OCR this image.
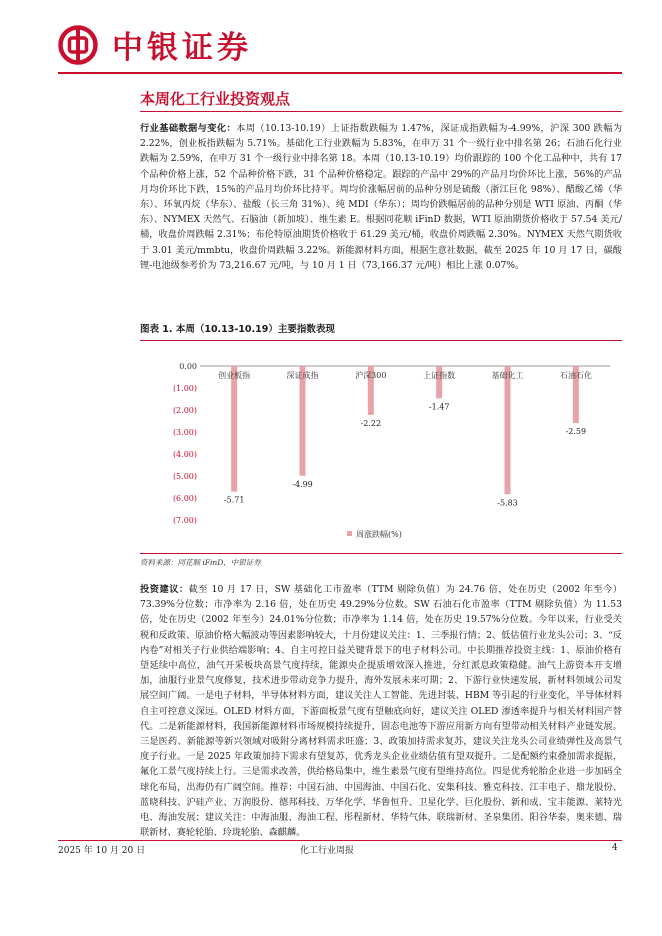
中银证券
本周化工行业投资观点
行业基础数据与变化：本周（10.13-10.19）上证指数跌幅为 1.47%，深证成指跌幅为-4.99%，沪深 300 跌幅为 2.22%，创业板指跌幅为 5.71%。基础化工行业跌幅为 5.83%，在申万 31 个一级行业中排名第 26；石油石化行业跌幅为 2.59%，在申万 31 个一级行业中排名第 18。本周（10.13-10.19）均价跟踪的 100 个化工品种中，共有 17 个品种价格上涨，52 个品种价格下跌，31 个品种价格稳定。跟踪的产品中 29%的产品月均价环比上涨，56%的产品月均价环比下跌，15%的产品月均价环比持平。周均价涨幅居前的品种分别是硫酸（浙江巨化 98%）、醋酸乙烯（华东）、环氧丙烷（华东）、盐酸（长三角 31%）、纯 MDI（华东）；周均价跌幅居前的品种分别是 WTI 原油、丙酮（华东）、NYMEX 天然气、石脑油（新加坡）、维生素 E。根据同花顺 iFinD 数据，WTI 原油期货价格收于 57.54 美元/桶，收盘价周跌幅 2.31%；布伦特原油期货价格收于 61.29 美元/桶，收盘价周跌幅 2.30%。NYMEX 天然气期货收于 3.01 美元/mmbtu，收盘价周跌幅 3.22%。新能源材料方面，根据生意社数据，截至 2025 年 10 月 17 日，碳酸锂-电池级参考价为 73,216.67 元/吨，与 10 月 1 日（73,166.37 元/吨）相比上涨 0.07%。
图表 1. 本周（10.13-10.19）主要指数表现
0.00
(1.00)
(2.00)
(3.00)
(4.00)
(5.00)
(6.00)
(7.00)
-5.71
-4.99
-2.22
-1.47
-5.83
-2.59
创业板指	深证成指	沪深300	上证指数	基础化工	石油石化
周涨跌幅(%)
资料来源：同花顺 iFinD，中银证券
投资建议：截至 10 月 17 日，SW 基础化工市盈率（TTM 剔除负值）为 24.76 倍，处在历史（2002 年至今）73.39%分位数；市净率为 2.16 倍，处在历史 49.29%分位数。SW 石油石化市盈率（TTM 剔除负值）为 11.53 倍，处在历史（2002 年至今）24.01%分位数；市净率为 1.14 倍，处在历史 19.57%分位数。今年以来，行业受关税和反政策、原油价格大幅波动等因素影响较大，十月份建议关注：1、三季报行情；2、低估值行业龙头公司；3、“反内卷”对相关子行业供给端影响；4、自主可控日益关键背景下的电子材料公司。中长期推荐投资主线：1、原油价格有望延续中高位，油气开采板块高景气度持续，能源央企提质增效深入推进，分红派息政策稳健。油气上游资本开支增加，油服行业景气度修复，技术进步带动竞争力提升，海外发展未来可期；2、下游行业快速发展，新材料领域公司发展空间广阔。一是电子材料，半导体材料方面，建议关注人工智能、先进封装、HBM 等引起的行业变化，半导体材料自主可控意义深远。OLED 材料方面，下游面板景气度有望触底向好，建议关注 OLED 渗透率提升与相关材料国产替代。二是新能源材料，我国新能源材料市场规模持续提升，固态电池等下游应用新方向有望带动相关材料产业链发展。三是医药、新能源等新兴领域对吸附分离材料需求旺盛；3、政策加持需求复苏，建议关注龙头公司业绩弹性及高景气度子行业。一是 2025 年政策加持下需求有望复苏，优秀龙头企业业绩估值有望双提升。二是配额约束叠加需求提振，氟化工景气度持续上行。三是需求改善，供给格局集中，维生素景气度有望维持高位。四是优秀轮胎企业进一步加码全球化布局，出海仍有广阔空间。推荐：中国石油、中国海油、中国石化、安集科技、雅克科技、江丰电子、鼎龙股份、蓝晓科技、沪硅产业、万润股份、德邦科技、万华化学、华鲁恒升、卫星化学、巨化股份、新和成、宝丰能源、莱特光电、海油发展；建议关注：中海油服、海油工程、彤程新材、华特气体、联瑞新材、圣泉集团、阳谷华泰、奥来德、瑞联新材、赛轮轮胎、玲珑轮胎、森麒麟。
2025 年 10 月 20 日	化工行业周报	4
